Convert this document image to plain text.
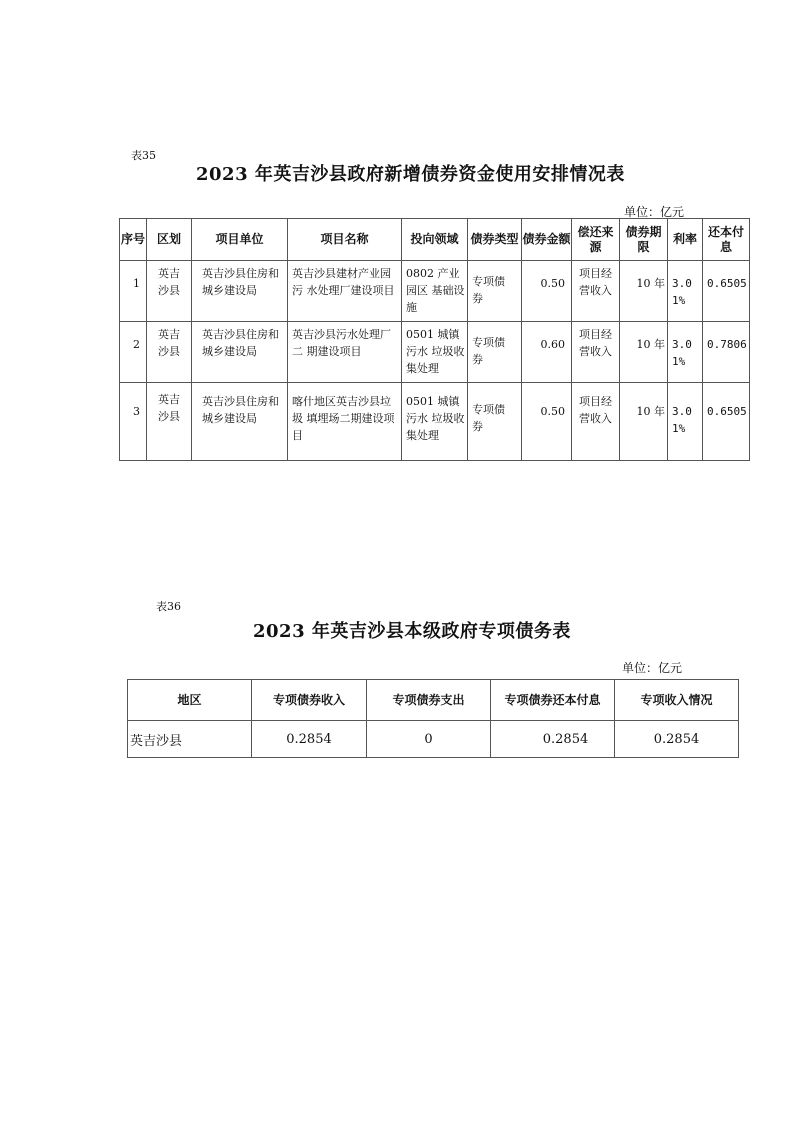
表35
2023 年英吉沙县政府新增债券资金使用安排情况表
单位：亿元
序号	区划	项目单位	项目名称	投向领域	债券类型	债券金额	偿还来源	债券期限	利率	还本付息
1	英吉沙县	英吉沙县住房和城乡建设局	英吉沙县建材产业园污 水处理厂建设项目	0802 产业园区 基础设施	专项债券	0.50	项目经营收入	10 年	3.01%	0.6505
2	英吉沙县	英吉沙县住房和城乡建设局	英吉沙县污水处理厂二 期建设项目	0501 城镇污水 垃圾收集处理	专项债券	0.60	项目经营收入	10 年	3.01%	0.7806
3	英吉沙县	英吉沙县住房和城乡建设局	喀什地区英吉沙县垃圾 填埋场二期建设项目	0501 城镇污水 垃圾收集处理	专项债券	0.50	项目经营收入	10 年	3.01%	0.6505
表36
2023 年英吉沙县本级政府专项债务表
单位：亿元
地区	专项债券收入	专项债券支出	专项债券还本付息	专项收入情况
英吉沙县	0.2854	0	0.2854	0.2854
